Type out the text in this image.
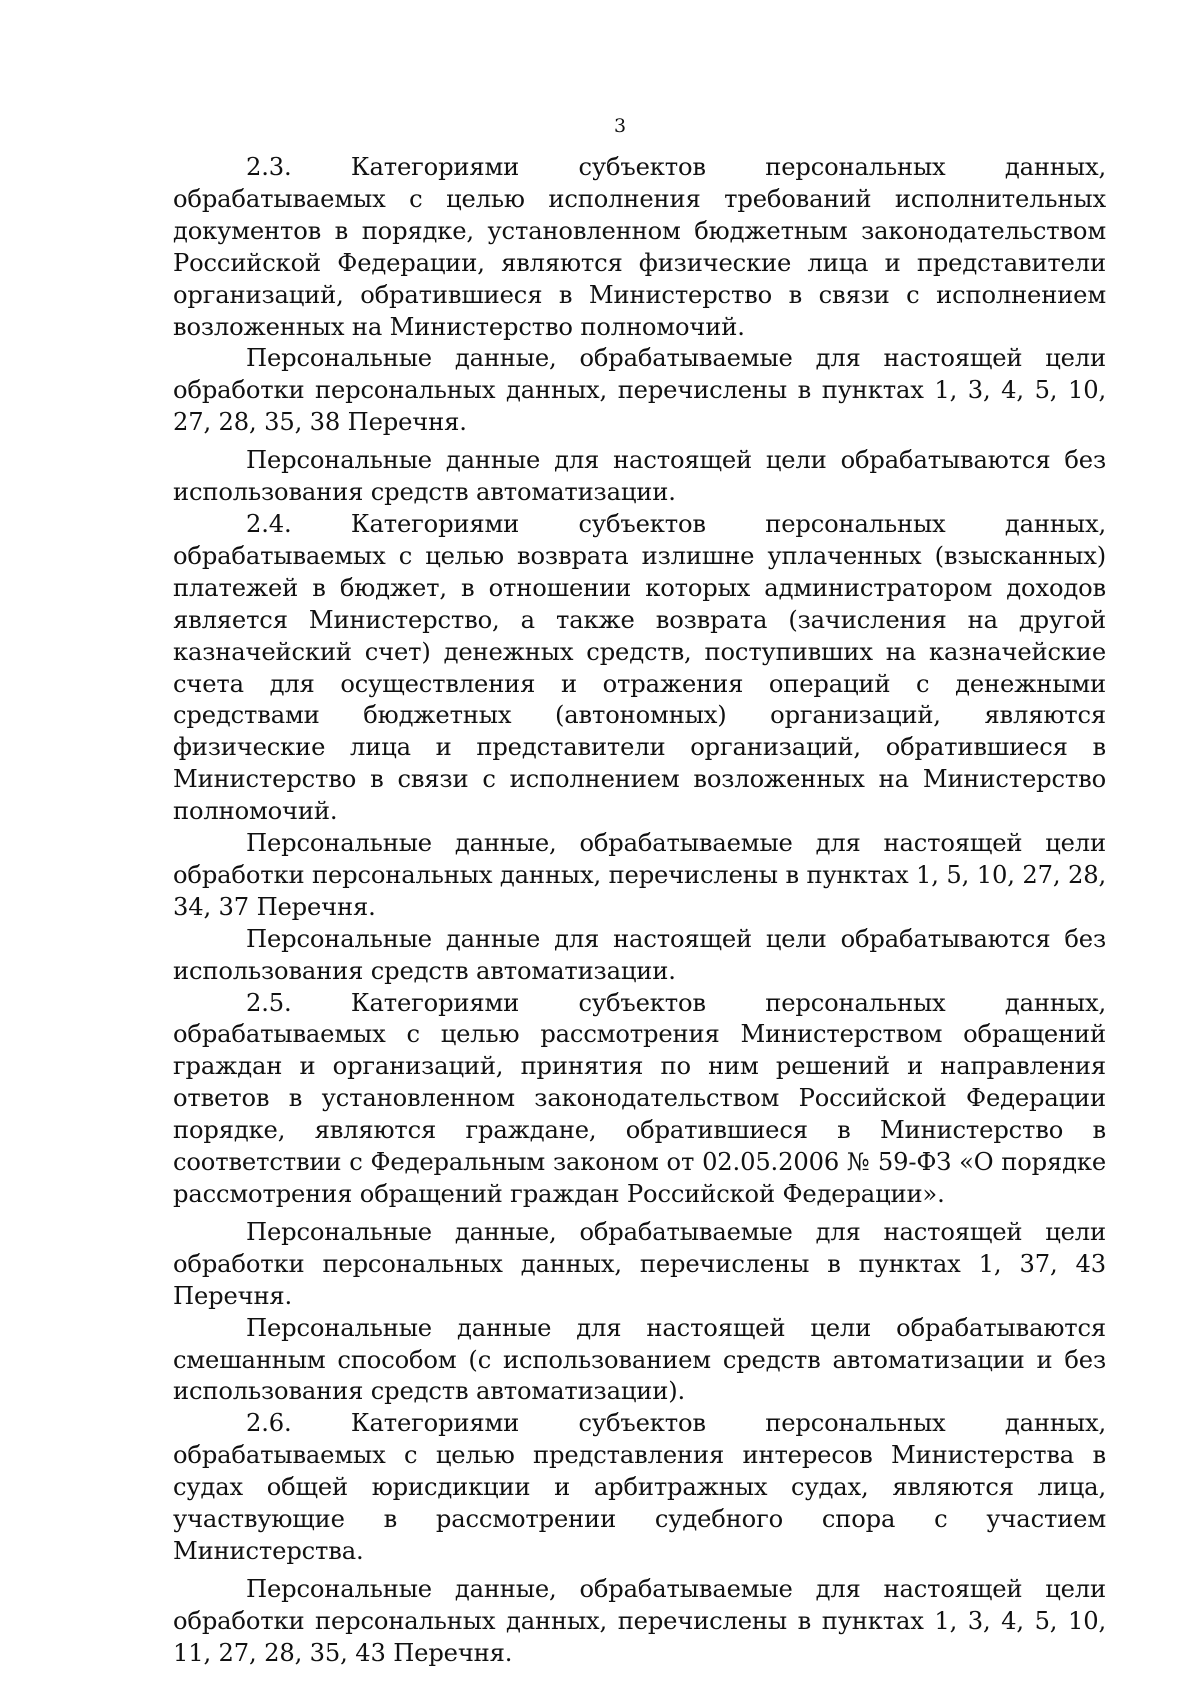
3

2.3. Категориями субъектов персональных данных, обрабатываемых с целью исполнения требований исполнительных документов в порядке, установленном бюджетным законодательством Российской Федерации, являются физические лица и представители организаций, обратившиеся в Министерство в связи с исполнением возложенных на Министерство полномочий.

Персональные данные, обрабатываемые для настоящей цели обработки персональных данных, перечислены в пунктах 1, 3, 4, 5, 10, 27, 28, 35, 38 Перечня.

Персональные данные для настоящей цели обрабатываются без использования средств автоматизации.

2.4. Категориями субъектов персональных данных, обрабатываемых с целью возврата излишне уплаченных (взысканных) платежей в бюджет, в отношении которых администратором доходов является Министерство, а также возврата (зачисления на другой казначейский счет) денежных средств, поступивших на казначейские счета для осуществления и отражения операций с денежными средствами бюджетных (автономных) организаций, являются физические лица и представители организаций, обратившиеся в Министерство в связи с исполнением возложенных на Министерство полномочий.

Персональные данные, обрабатываемые для настоящей цели обработки персональных данных, перечислены в пунктах 1, 5, 10, 27, 28, 34, 37 Перечня.

Персональные данные для настоящей цели обрабатываются без использования средств автоматизации.

2.5. Категориями субъектов персональных данных, обрабатываемых с целью рассмотрения Министерством обращений граждан и организаций, принятия по ним решений и направления ответов в установленном законодательством Российской Федерации порядке, являются граждане, обратившиеся в Министерство в соответствии с Федеральным законом от 02.05.2006 № 59-ФЗ «О порядке рассмотрения обращений граждан Российской Федерации».

Персональные данные, обрабатываемые для настоящей цели обработки персональных данных, перечислены в пунктах 1, 37, 43 Перечня.

Персональные данные для настоящей цели обрабатываются смешанным способом (с использованием средств автоматизации и без использования средств автоматизации).

2.6. Категориями субъектов персональных данных, обрабатываемых с целью представления интересов Министерства в судах общей юрисдикции и арбитражных судах, являются лица, участвующие в рассмотрении судебного спора с участием Министерства.

Персональные данные, обрабатываемые для настоящей цели обработки персональных данных, перечислены в пунктах 1, 3, 4, 5, 10, 11, 27, 28, 35, 43 Перечня.
